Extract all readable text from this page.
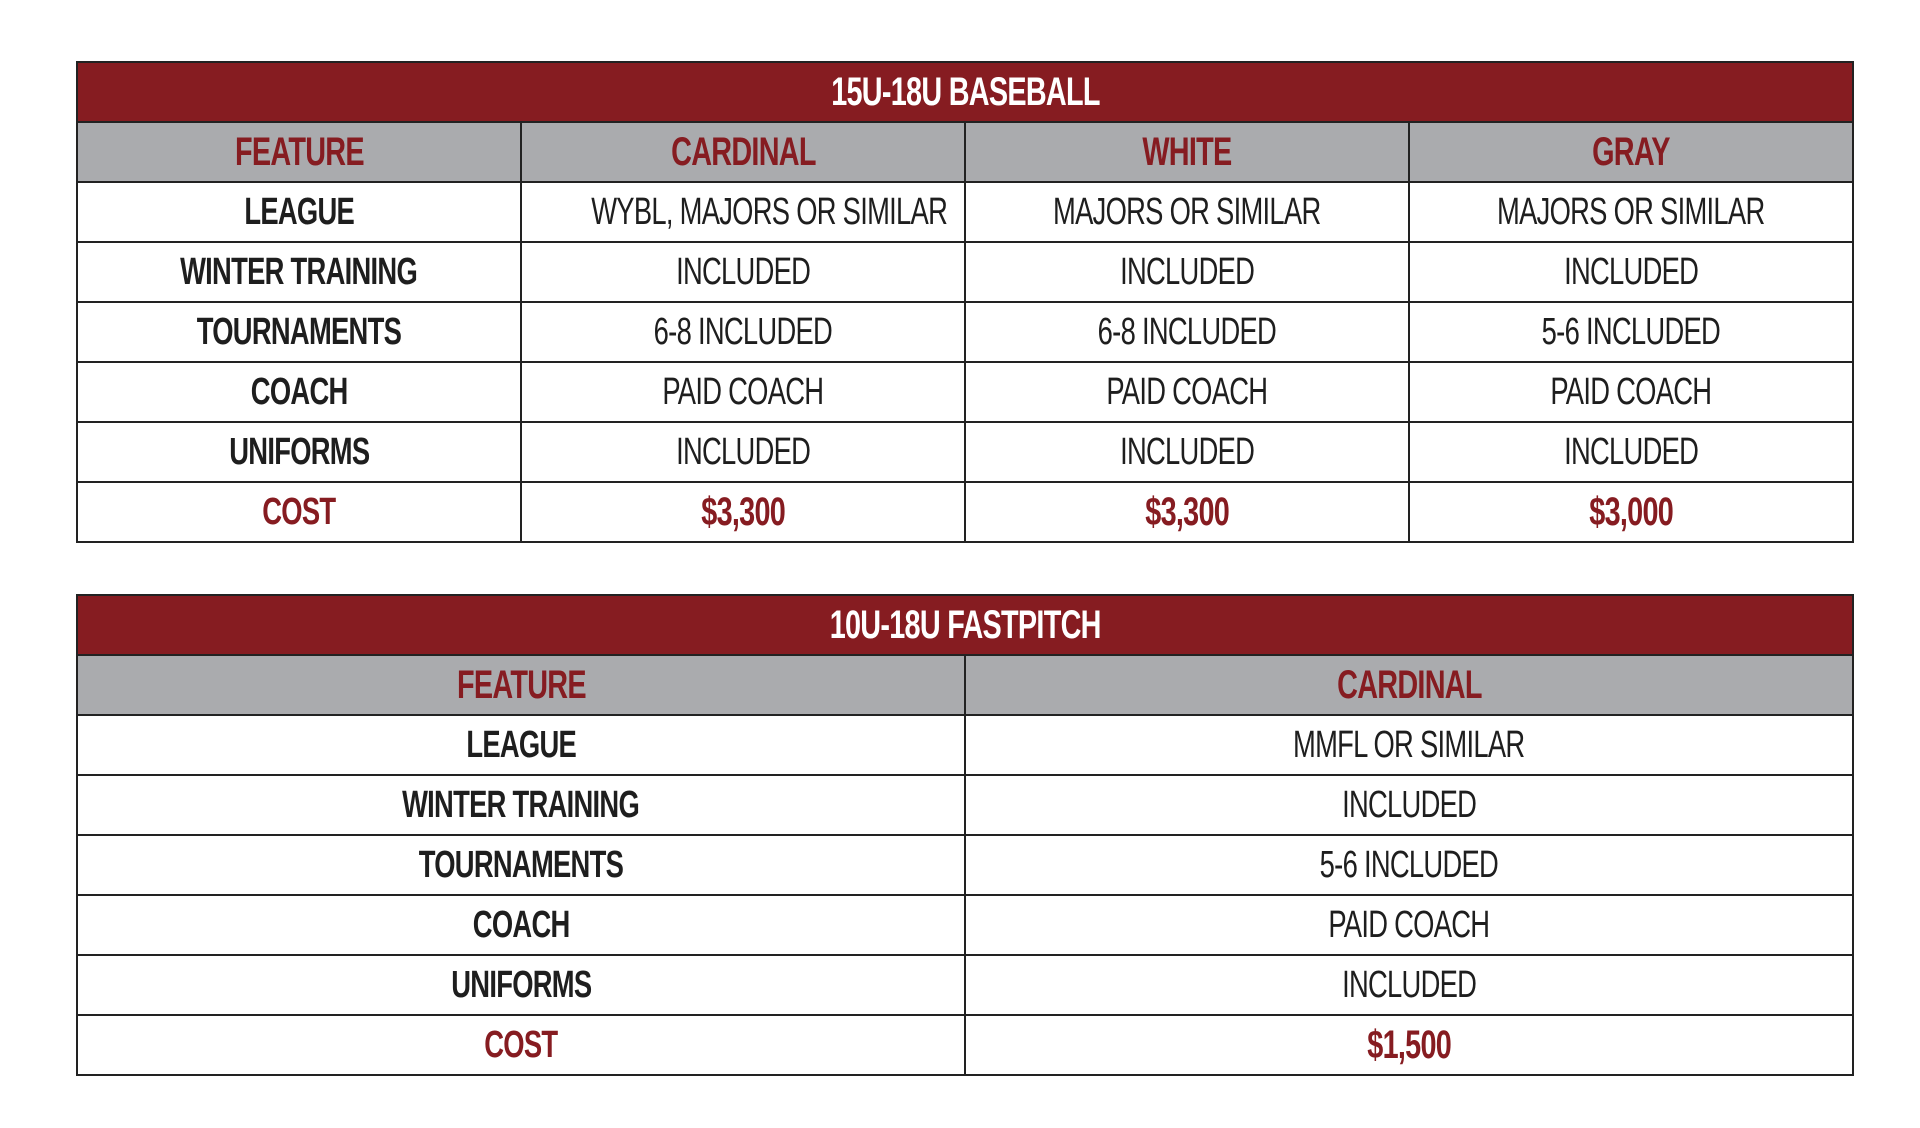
15U-18U BASEBALL			
FEATURE	CARDINAL	WHITE	GRAY
LEAGUE	WYBL, MAJORS OR SIMILAR	MAJORS OR SIMILAR	MAJORS OR SIMILAR
WINTER TRAINING	INCLUDED	INCLUDED	INCLUDED
TOURNAMENTS	6-8 INCLUDED	6-8 INCLUDED	5-6 INCLUDED
COACH	PAID COACH	PAID COACH	PAID COACH
UNIFORMS	INCLUDED	INCLUDED	INCLUDED
COST	$3,300	$3,300	$3,000
10U-18U FASTPITCH	
FEATURE	CARDINAL
LEAGUE	MMFL OR SIMILAR
WINTER TRAINING	INCLUDED
TOURNAMENTS	5-6 INCLUDED
COACH	PAID COACH
UNIFORMS	INCLUDED
COST	$1,500
